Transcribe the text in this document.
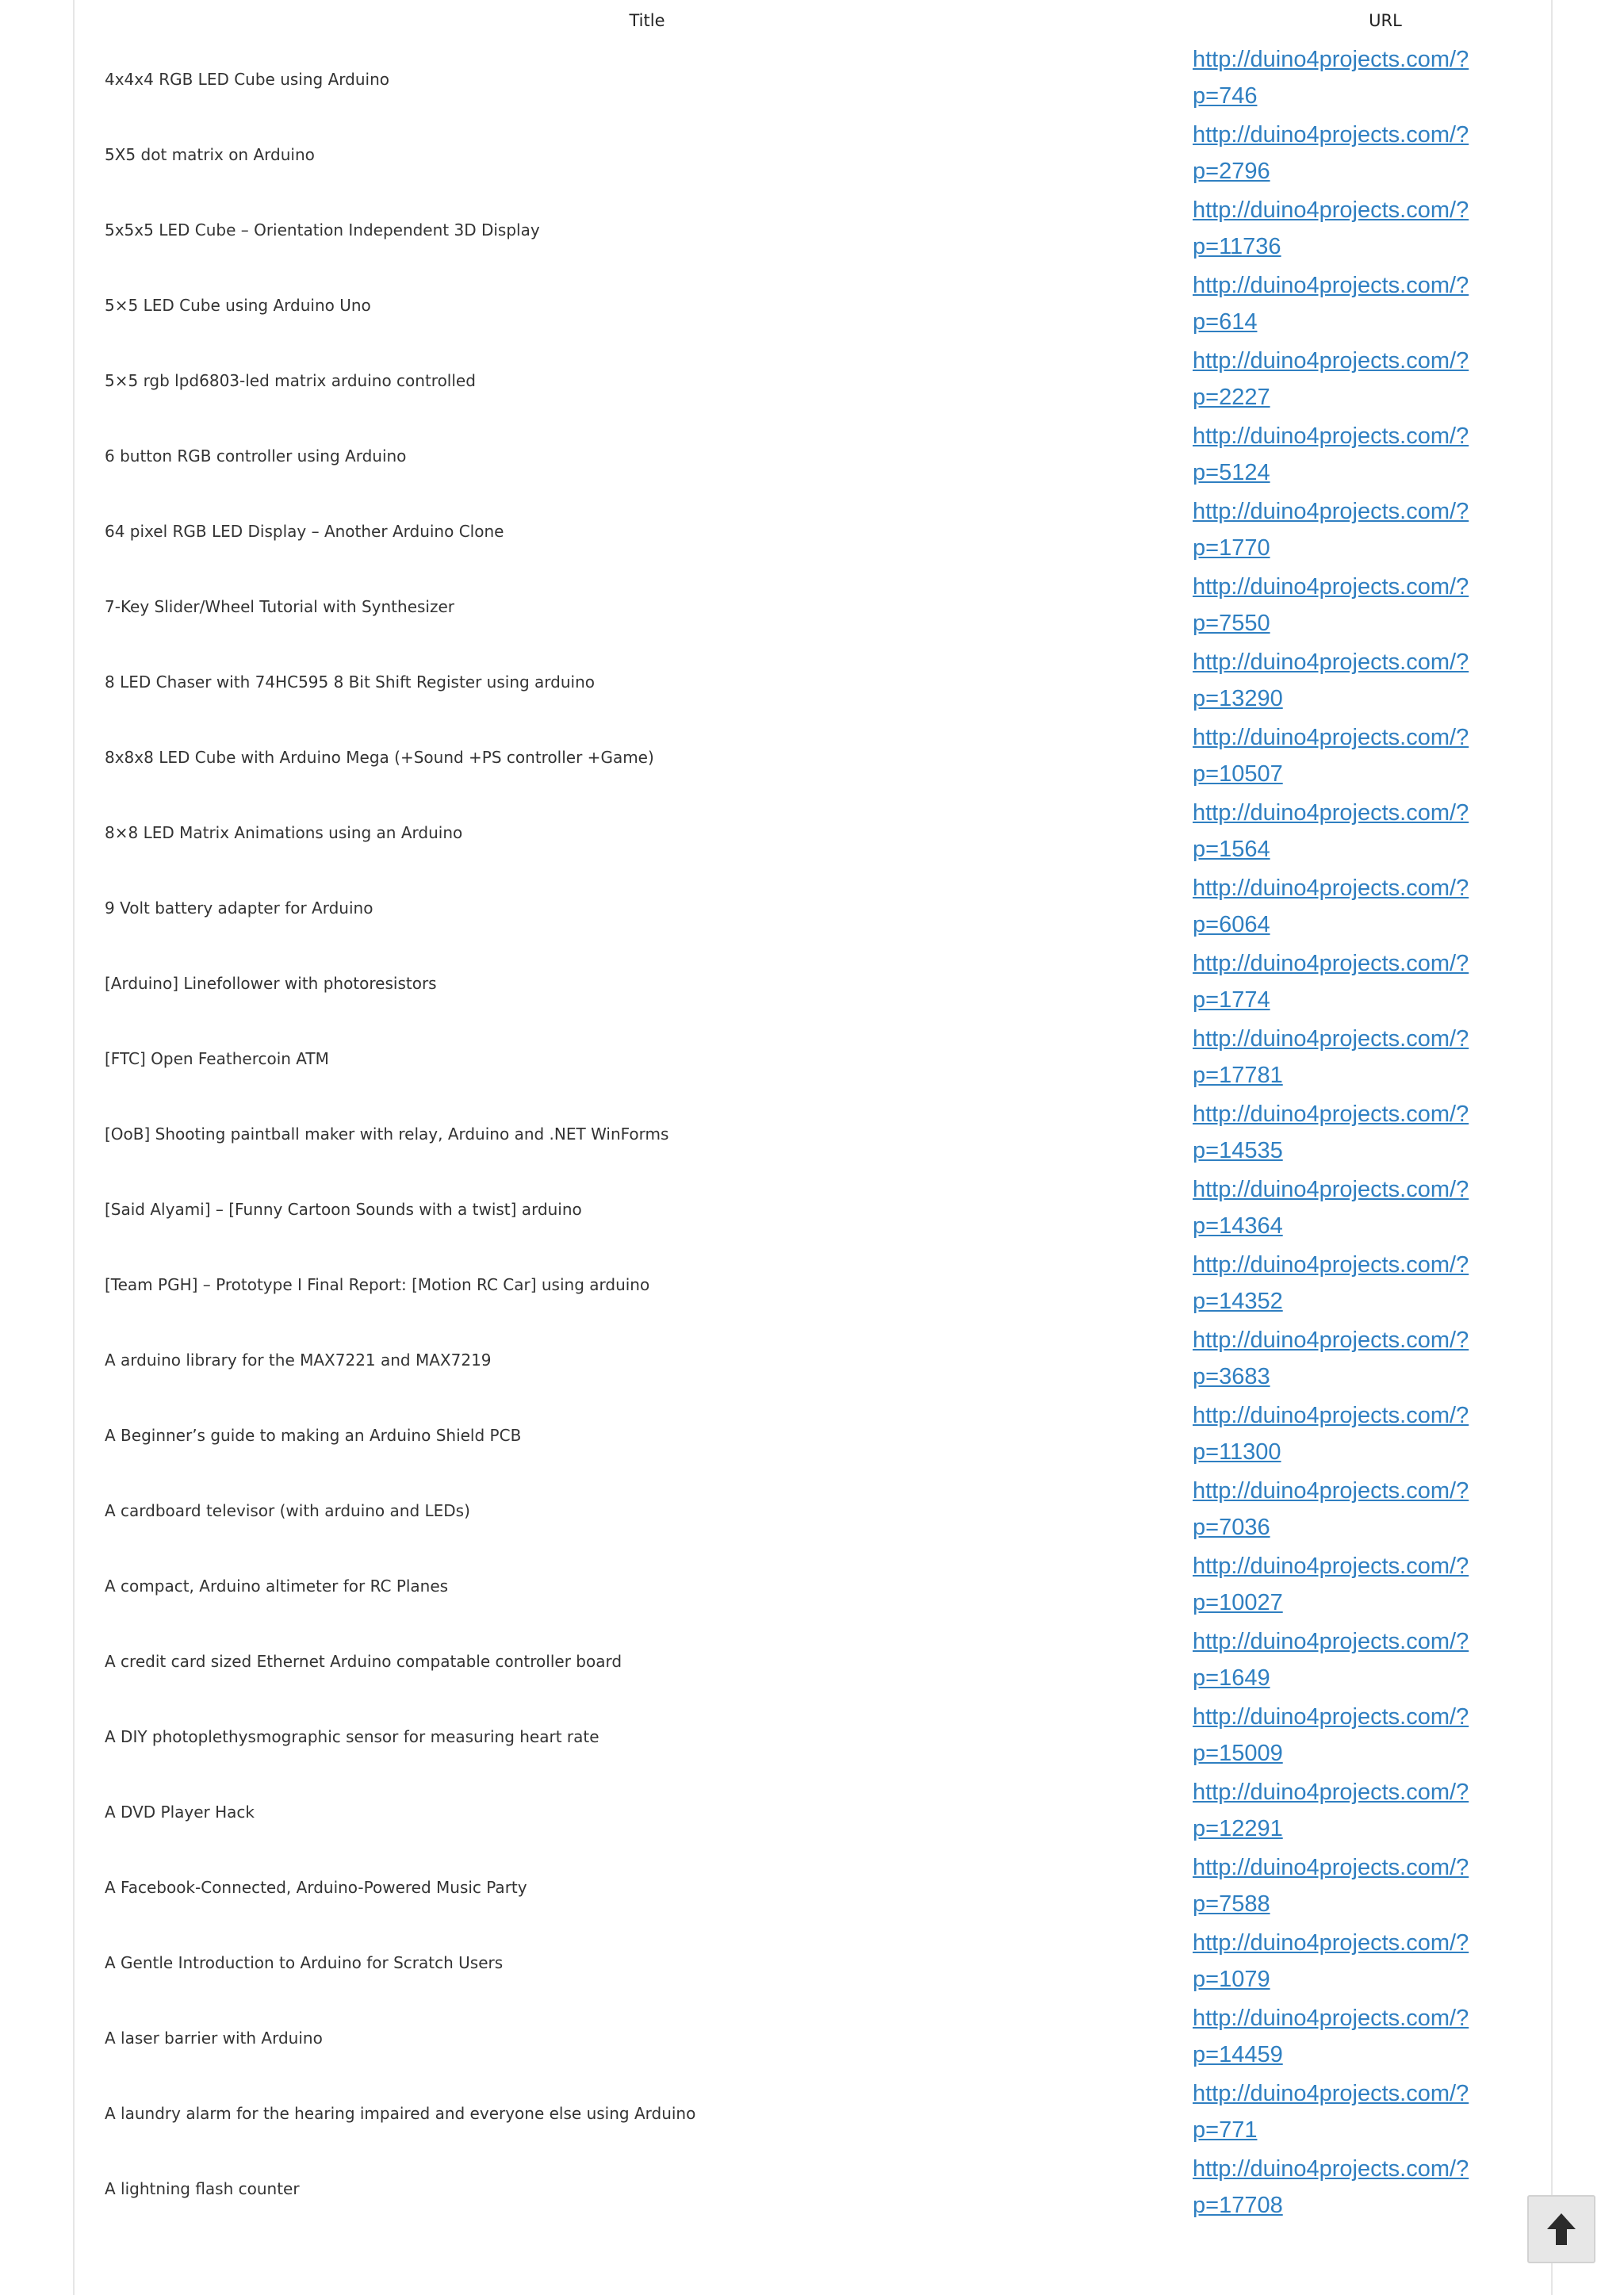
Title	URL
4x4x4 RGB LED Cube using Arduino
http://duino4projects.com/?
p=746
5X5 dot matrix on Arduino
http://duino4projects.com/?
p=2796
5x5x5 LED Cube – Orientation Independent 3D Display
http://duino4projects.com/?
p=11736
5×5 LED Cube using Arduino Uno
http://duino4projects.com/?
p=614
5×5 rgb lpd6803-led matrix arduino controlled
http://duino4projects.com/?
p=2227
6 button RGB controller using Arduino
http://duino4projects.com/?
p=5124
64 pixel RGB LED Display – Another Arduino Clone
http://duino4projects.com/?
p=1770
7-Key Slider/Wheel Tutorial with Synthesizer
http://duino4projects.com/?
p=7550
8 LED Chaser with 74HC595 8 Bit Shift Register using arduino
http://duino4projects.com/?
p=13290
8x8x8 LED Cube with Arduino Mega (+Sound +PS controller +Game)
http://duino4projects.com/?
p=10507
8×8 LED Matrix Animations using an Arduino
http://duino4projects.com/?
p=1564
9 Volt battery adapter for Arduino
http://duino4projects.com/?
p=6064
[Arduino] Linefollower with photoresistors
http://duino4projects.com/?
p=1774
[FTC] Open Feathercoin ATM
http://duino4projects.com/?
p=17781
[OoB] Shooting paintball maker with relay, Arduino and .NET WinForms
http://duino4projects.com/?
p=14535
[Said Alyami] – [Funny Cartoon Sounds with a twist] arduino
http://duino4projects.com/?
p=14364
[Team PGH] – Prototype I Final Report: [Motion RC Car] using arduino
http://duino4projects.com/?
p=14352
A arduino library for the MAX7221 and MAX7219
http://duino4projects.com/?
p=3683
A Beginner’s guide to making an Arduino Shield PCB
http://duino4projects.com/?
p=11300
A cardboard televisor (with arduino and LEDs)
http://duino4projects.com/?
p=7036
A compact, Arduino altimeter for RC Planes
http://duino4projects.com/?
p=10027
A credit card sized Ethernet Arduino compatable controller board
http://duino4projects.com/?
p=1649
A DIY photoplethysmographic sensor for measuring heart rate
http://duino4projects.com/?
p=15009
A DVD Player Hack
http://duino4projects.com/?
p=12291
A Facebook-Connected, Arduino-Powered Music Party
http://duino4projects.com/?
p=7588
A Gentle Introduction to Arduino for Scratch Users
http://duino4projects.com/?
p=1079
A laser barrier with Arduino
http://duino4projects.com/?
p=14459
A laundry alarm for the hearing impaired and everyone else using Arduino
http://duino4projects.com/?
p=771
A lightning flash counter
http://duino4projects.com/?
p=17708
